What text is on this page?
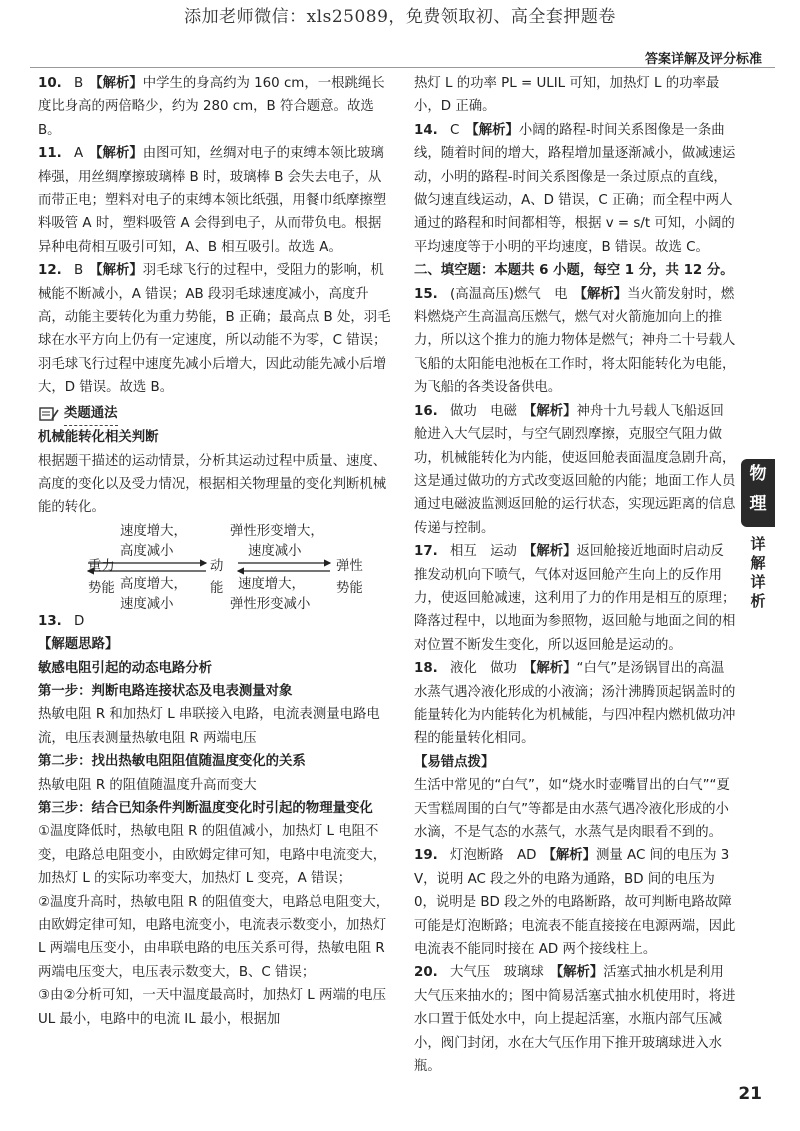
添加老师微信：xls25089，免费领取初、高全套押题卷
答案详解及评分标准

10. B 【解析】中学生的身高约为 160 cm，一根跳绳长度比身高的两倍略少，约为 280 cm，B 符合题意。故选 B。

11. A 【解析】由图可知，丝绸对电子的束缚本领比玻璃棒强，用丝绸摩擦玻璃棒 B 时，玻璃棒 B 会失去电子，从而带正电；塑料对电子的束缚本领比纸强，用餐巾纸摩擦塑料吸管 A 时，塑料吸管 A 会得到电子，从而带负电。根据异种电荷相互吸引可知，A、B 相互吸引。故选 A。

12. B 【解析】羽毛球飞行的过程中，受阻力的影响，机械能不断减小，A 错误；AB 段羽毛球速度减小，高度升高，动能主要转化为重力势能，B 正确；最高点 B 处，羽毛球在水平方向上仍有一定速度，所以动能不为零，C 错误；羽毛球飞行过程中速度先减小后增大，因此动能先减小后增大，D 错误。故选 B。

类题通法
机械能转化相关判断
根据题干描述的运动情景，分析其运动过程中质量、速度、高度的变化以及受力情况，根据相关物理量的变化判断机械能的转化。
重力势能
动能
弹性势能
速度增大，
高度减小
高度增大，
速度减小
弹性形变增大，
速度减小
速度增大，
弹性形变减小

13. D

【解题思路】
敏感电阻引起的动态电路分析
第一步：判断电路连接状态及电表测量对象
热敏电阻 R 和加热灯 L 串联接入电路，电流表测量电路电流，电压表测量热敏电阻 R 两端电压
第二步：找出热敏电阻阻值随温度变化的关系
热敏电阻 R 的阻值随温度升高而变大
第三步：结合已知条件判断温度变化时引起的物理量变化
①温度降低时，热敏电阻 R 的阻值减小，加热灯 L 电阻不变，电路总电阻变小，由欧姆定律可知，电路中电流变大，加热灯 L 的实际功率变大，加热灯 L 变亮，A 错误；
②温度升高时，热敏电阻 R 的阻值变大，电路总电阻变大，由欧姆定律可知，电路电流变小，电流表示数变小，加热灯 L 两端电压变小，由串联电路的电压关系可得，热敏电阻 R 两端电压变大，电压表示数变大，B、C 错误；
③由②分析可知，一天中温度最高时，加热灯 L 两端的电压 UL 最小，电路中的电流 IL 最小，根据加
热灯 L 的功率 PL = ULIL 可知，加热灯 L 的功率最小，D 正确。

14. C 【解析】小阔的路程-时间关系图像是一条曲线，随着时间的增大，路程增加量逐渐减小，做减速运动，小明的路程-时间关系图像是一条过原点的直线，做匀速直线运动，A、D 错误，C 正确；而全程中两人通过的路程和时间都相等，根据 v = s/t 可知，小阔的平均速度等于小明的平均速度，B 错误。故选 C。

二、填空题：本题共 6 小题，每空 1 分，共 12 分。

15. (高温高压)燃气　电 【解析】当火箭发射时，燃料燃烧产生高温高压燃气，燃气对火箭施加向上的推力，所以这个推力的施力物体是燃气；神舟二十号载人飞船的太阳能电池板在工作时，将太阳能转化为电能，为飞船的各类设备供电。

16. 做功　电磁 【解析】神舟十九号载人飞船返回舱进入大气层时，与空气剧烈摩擦，克服空气阻力做功，机械能转化为内能，使返回舱表面温度急剧升高，这是通过做功的方式改变返回舱的内能；地面工作人员通过电磁波监测返回舱的运行状态，实现远距离的信息传递与控制。

17. 相互　运动 【解析】返回舱接近地面时启动反推发动机向下喷气，气体对返回舱产生向上的反作用力，使返回舱减速，这利用了力的作用是相互的原理；降落过程中，以地面为参照物，返回舱与地面之间的相对位置不断发生变化，所以返回舱是运动的。

18. 液化　做功 【解析】“白气”是汤锅冒出的高温水蒸气遇冷液化形成的小液滴；汤汁沸腾顶起锅盖时的能量转化为内能转化为机械能，与四冲程内燃机做功冲程的能量转化相同。

【易错点拨】
生活中常见的“白气”，如“烧水时壶嘴冒出的白气”“夏天雪糕周围的白气”等都是由水蒸气遇冷液化形成的小水滴，不是气态的水蒸气，水蒸气是肉眼看不到的。

19. 灯泡断路　AD 【解析】测量 AC 间的电压为 3 V，说明 AC 段之外的电路为通路，BD 间的电压为 0，说明是 BD 段之外的电路断路，故可判断电路故障可能是灯泡断路；电流表不能直接接在电源两端，因此电流表不能同时接在 AD 两个接线柱上。

20. 大气压　玻璃球 【解析】活塞式抽水机是利用大气压来抽水的；图中简易活塞式抽水机使用时，将进水口置于低处水中，向上提起活塞，水瓶内部气压减小，阀门封闭，水在大气压作用下推开玻璃球进入水瓶。

物理
详解详析
21
